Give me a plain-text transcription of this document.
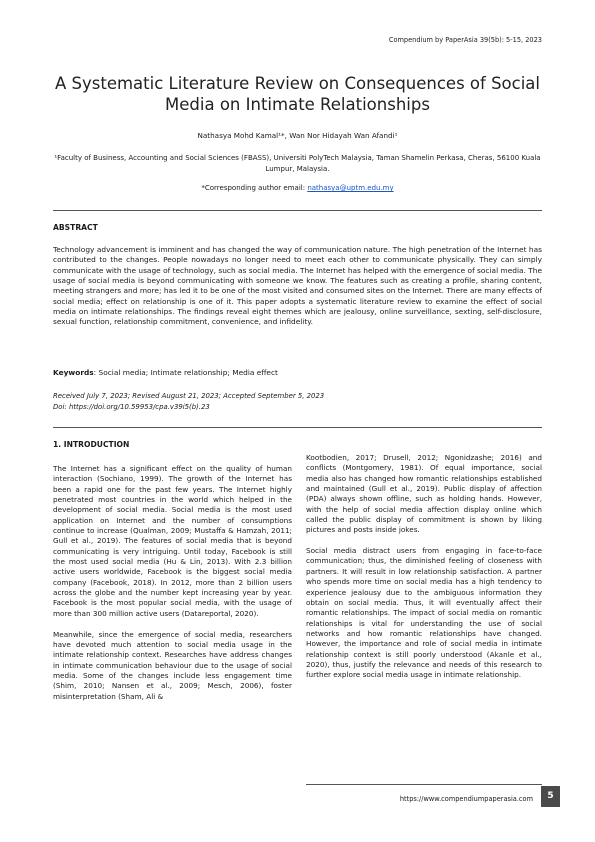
Compendium by PaperAsia 39(5b): 5-15, 2023
A Systematic Literature Review on Consequences of Social Media on Intimate Relationships
Nathasya Mohd Kamal¹*, Wan Nor Hidayah Wan Afandi¹
¹Faculty of Business, Accounting and Social Sciences (FBASS), Universiti PolyTech Malaysia, Taman Shamelin Perkasa, Cheras, 56100 Kuala Lumpur, Malaysia.
*Corresponding author email: nathasya@uptm.edu.my
ABSTRACT
Technology advancement is imminent and has changed the way of communication nature. The high penetration of the Internet has contributed to the changes. People nowadays no longer need to meet each other to communicate physically. They can simply communicate with the usage of technology, such as social media. The Internet has helped with the emergence of social media. The usage of social media is beyond communicating with someone we know. The features such as creating a profile, sharing content, meeting strangers and more; has led it to be one of the most visited and consumed sites on the Internet. There are many effects of social media; effect on relationship is one of it. This paper adopts a systematic literature review to examine the effect of social media on intimate relationships. The findings reveal eight themes which are jealousy, online surveillance, sexting, self-disclosure, sexual function, relationship commitment, convenience, and infidelity.
Keywords: Social media; Intimate relationship; Media effect
Received July 7, 2023; Revised August 21, 2023; Accepted September 5, 2023
Doi: https://doi.org/10.59953/cpa.v39i5(b).23
1. INTRODUCTION

The Internet has a significant effect on the quality of human interaction (Sochiano, 1999). The growth of the Internet has been a rapid one for the past few years. The Internet highly penetrated most countries in the world which helped in the development of social media. Social media is the most used application on Internet and the number of consumptions continue to increase (Qualman, 2009; Mustaffa & Hamzah, 2011; Gull et al., 2019). The features of social media that is beyond communicating is very intriguing. Until today, Facebook is still the most used social media (Hu & Lin, 2013). With 2.3 billion active users worldwide, Facebook is the biggest social media company (Facebook, 2018). In 2012, more than 2 billion users across the globe and the number kept increasing year by year. Facebook is the most popular social media, with the usage of more than 300 million active users (Datareportal, 2020).

Meanwhile, since the emergence of social media, researchers have devoted much attention to social media usage in the intimate relationship context. Researches have address changes in intimate communication behaviour due to the usage of social media. Some of the changes include less engagement time (Shim, 2010; Nansen et al., 2009; Mesch, 2006), foster misinterpretation (Sham, Ali &

Kootbodien, 2017; Drusell, 2012; Ngonidzashe; 2016) and conflicts (Montgomery, 1981). Of equal importance, social media also has changed how romantic relationships established and maintained (Gull et al., 2019). Public display of affection (PDA) always shown offline, such as holding hands. However, with the help of social media affection display online which called the public display of commitment is shown by liking pictures and posts inside jokes.

Social media distract users from engaging in face-to-face communication; thus, the diminished feeling of closeness with partners. It will result in low relationship satisfaction. A partner who spends more time on social media has a high tendency to experience jealousy due to the ambiguous information they obtain on social media. Thus, it will eventually affect their romantic relationships. The impact of social media on romantic relationships is vital for understanding the use of social networks and how romantic relationships have changed. However, the importance and role of social media in intimate relationship context is still poorly understood (Akanle et al., 2020), thus, justify the relevance and needs of this research to further explore social media usage in intimate relationship.

https://www.compendiumpaperasia.com	5
